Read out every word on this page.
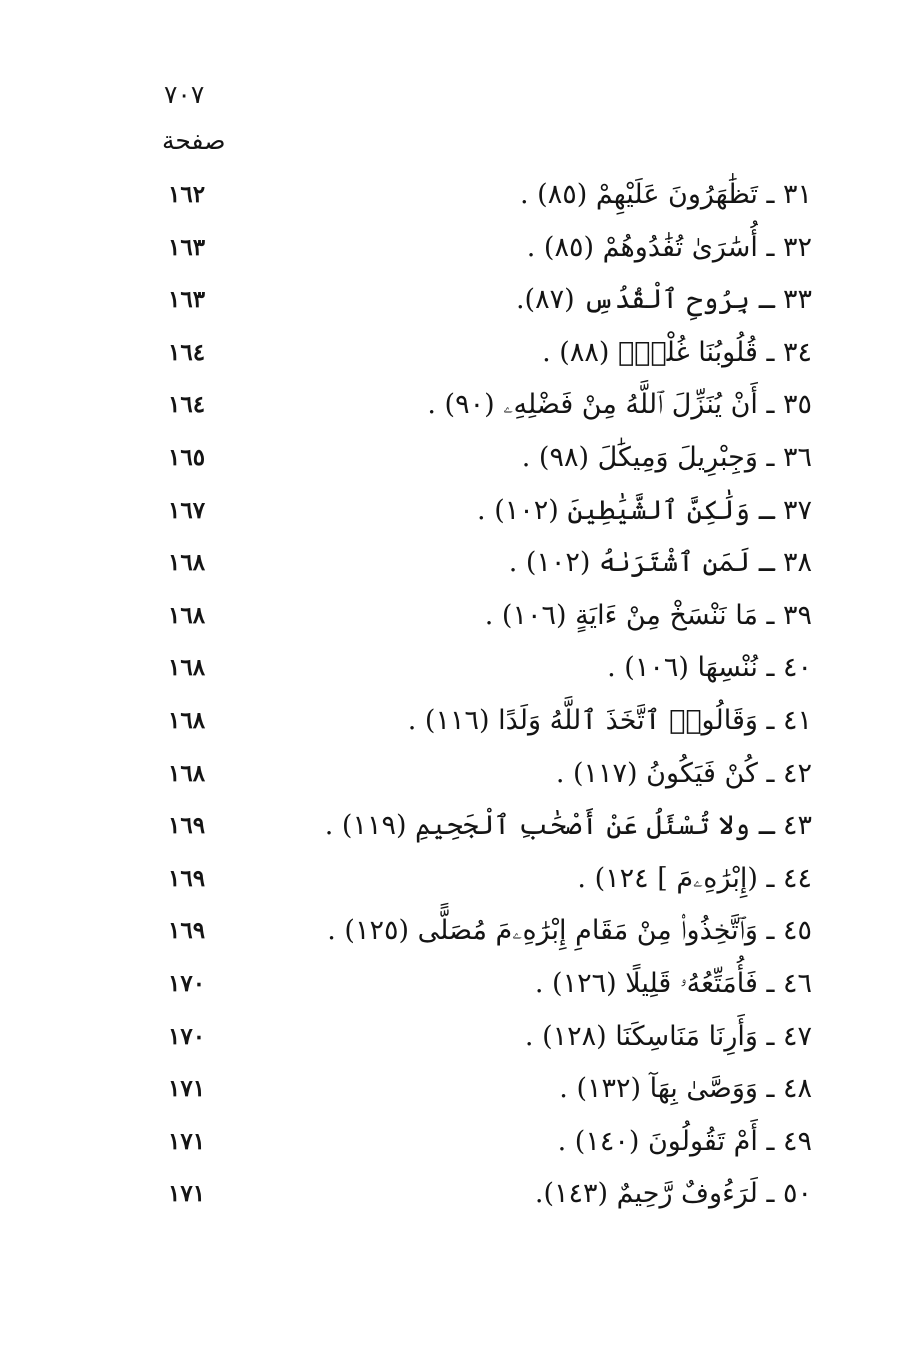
٧٠٧
صفحة
٣١ ـ تَظَٰهَرُونَ عَلَيْهِمْ (٨٥) .
١٦٢
٣٢ ـ أُسَٰرَىٰ تُفَٰدُوهُمْ (٨٥) .
١٦٣
٣٣ ـ بِرُوحِ ٱلْقُدُسِ (٨٧).
١٦٣
٣٤ ـ قُلُوبُنَا غُلْفٌۢ (٨٨) .
١٦٤
٣٥ ـ أَنْ يُنَزِّلَ ٱللَّهُ مِنْ فَضْلِهِۦ (٩٠) .
١٦٤
٣٦ ـ وَجِبْرِيلَ وَمِيكَٰلَ (٩٨) .
١٦٥
٣٧ ـ وَلَٰكِنَّ ٱلشَّيَٰطِينَ (١٠٢) .
١٦٧
٣٨ ـ لَمَنِ ٱشْتَرَىٰهُ (١٠٢) .
١٦٨
٣٩ ـ مَا نَنْسَخْ مِنْ ءَايَةٍ (١٠٦) .
١٦٨
٤٠ ـ نُنْسِهَا (١٠٦) .
١٦٨
٤١ ـ وَقَالُوا۟ ٱتَّخَذَ ٱللَّهُ وَلَدًا (١١٦) .
١٦٨
٤٢ ـ كُنْ فَيَكُونُ (١١٧) .
١٦٨
٤٣ ـ ولا تُسْئَلُ عَنْ أَصْحَٰبِ ٱلْجَحِيمِ (١١٩) .
١٦٩
٤٤ ـ (إِبْرَٰهِۦمَ ] ١٢٤) .
١٦٩
٤٥ ـ وَٱتَّخِذُوا۟ مِنْ مَقَامِ إِبْرَٰهِۦمَ مُصَلًّى (١٢٥) .
١٦٩
٤٦ ـ فَأُمَتِّعُهُۥ قَلِيلًا (١٢٦) .
١٧٠
٤٧ ـ وَأَرِنَا مَنَاسِكَنَا (١٢٨) .
١٧٠
٤٨ ـ وَوَصَّىٰ بِهَآ (١٣٢) .
١٧١
٤٩ ـ أَمْ تَقُولُونَ (١٤٠) .
١٧١
٥٠ ـ لَرَءُوفٌ رَّحِيمٌ (١٤٣).
١٧١
